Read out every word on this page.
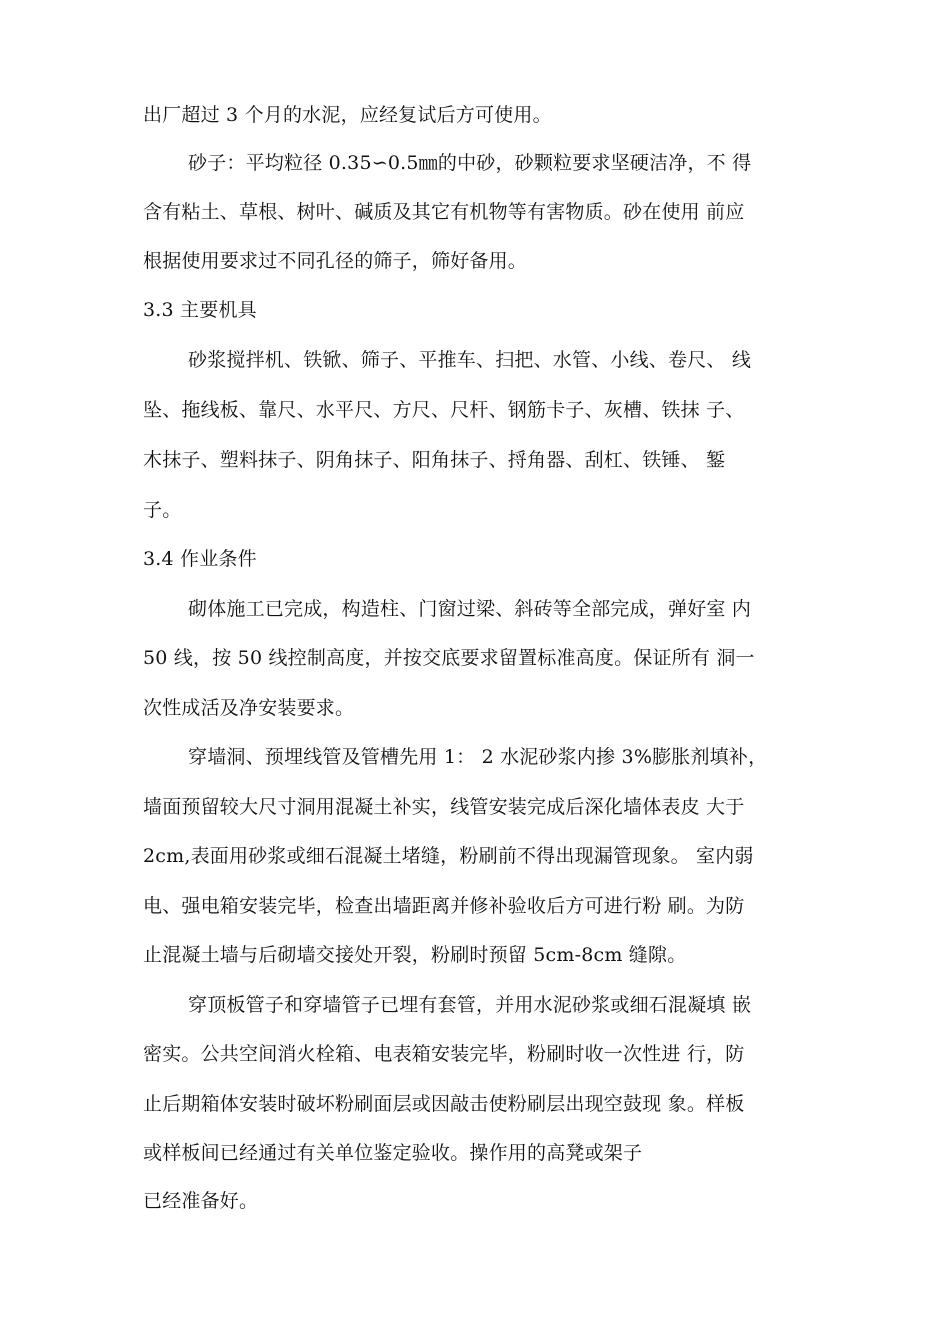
出厂超过 3 个月的水泥，应经复试后方可使用。
砂子：平均粒径 0.35∽0.5㎜的中砂，砂颗粒要求坚硬洁净，不 得
含有粘土、草根、树叶、碱质及其它有机物等有害物质。砂在使用 前应
根据使用要求过不同孔径的筛子，筛好备用。
3.3 主要机具
砂浆搅拌机、铁锨、筛子、平推车、扫把、水管、小线、卷尺、 线
坠、拖线板、靠尺、水平尺、方尺、尺杆、钢筋卡子、灰槽、铁抹 子、
木抹子、塑料抹子、阴角抹子、阳角抹子、捋角器、刮杠、铁锤、 錾
子。
3.4 作业条件
砌体施工已完成，构造柱、门窗过梁、斜砖等全部完成，弹好室 内
50 线，按 50 线控制高度，并按交底要求留置标准高度。保证所有 洞一
次性成活及净安装要求。
穿墙洞、预埋线管及管槽先用 1： 2 水泥砂浆内掺 3%膨胀剂填补，
墙面预留较大尺寸洞用混凝土补实，线管安装完成后深化墙体表皮 大于
2cm,表面用砂浆或细石混凝土堵缝，粉刷前不得出现漏管现象。 室内弱
电、强电箱安装完毕，检查出墙距离并修补验收后方可进行粉 刷。为防
止混凝土墙与后砌墙交接处开裂，粉刷时预留 5cm-8cm 缝隙。
穿顶板管子和穿墙管子已埋有套管，并用水泥砂浆或细石混凝填 嵌
密实。公共空间消火栓箱、电表箱安装完毕，粉刷时收一次性进 行，防
止后期箱体安装时破坏粉刷面层或因敲击使粉刷层出现空鼓现 象。样板
或样板间已经通过有关单位鉴定验收。操作用的高凳或架子
已经准备好。
